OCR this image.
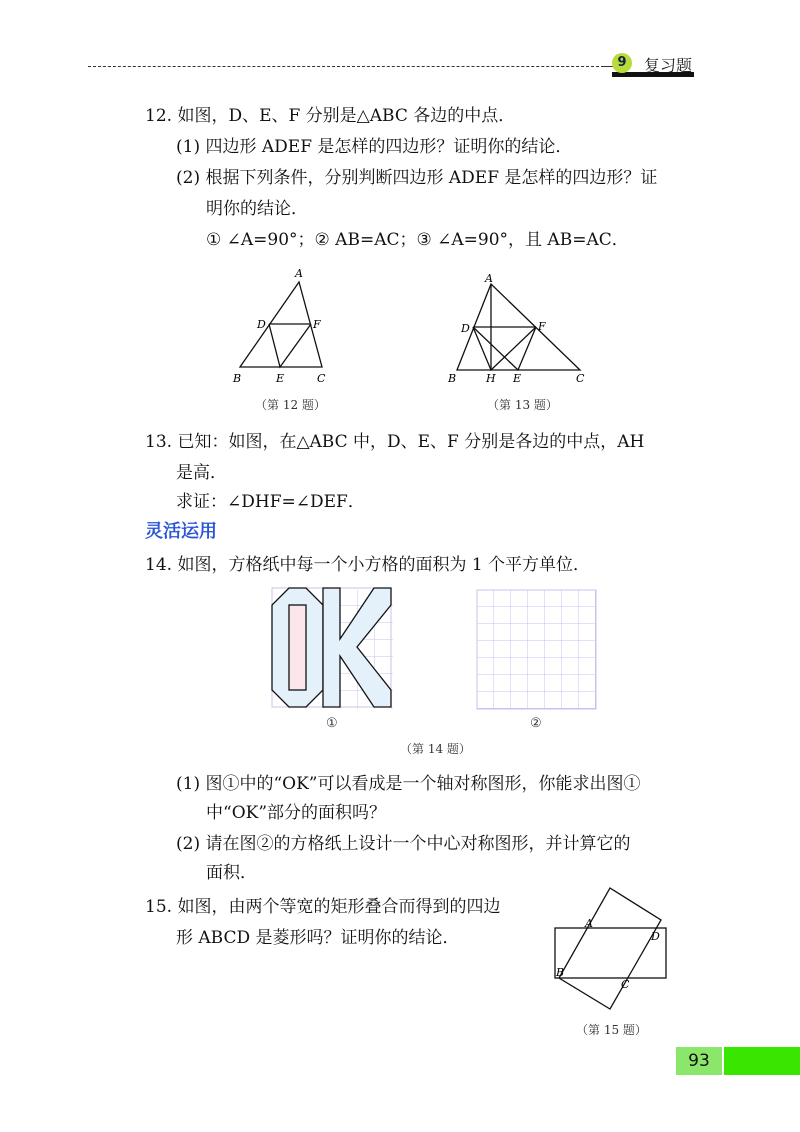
9	复习题
12. 如图，D、E、F 分别是△ABC 各边的中点．
(1) 四边形 ADEF 是怎样的四边形？证明你的结论．
(2) 根据下列条件，分别判断四边形 ADEF 是怎样的四边形？证
明你的结论．
① ∠A=90°；② AB=AC；③ ∠A=90°，且 AB=AC．
A
B	C
D
E
F
（第 12 题）
A
B	C
D
E
F
H
（第 13 题）
13. 已知：如图，在△ABC 中，D、E、F 分别是各边的中点，AH
是高．
求证：∠DHF=∠DEF．
灵活运用
14. 如图，方格纸中每一个小方格的面积为 1 个平方单位．
①	②
（第 14 题）
(1) 图①中的“OK”可以看成是一个轴对称图形，你能求出图①
中“OK”部分的面积吗？
(2) 请在图②的方格纸上设计一个中心对称图形，并计算它的
面积．
15. 如图，由两个等宽的矩形叠合而得到的四边
形 ABCD 是菱形吗？证明你的结论．
A
B
C
D
（第 15 题）
93
